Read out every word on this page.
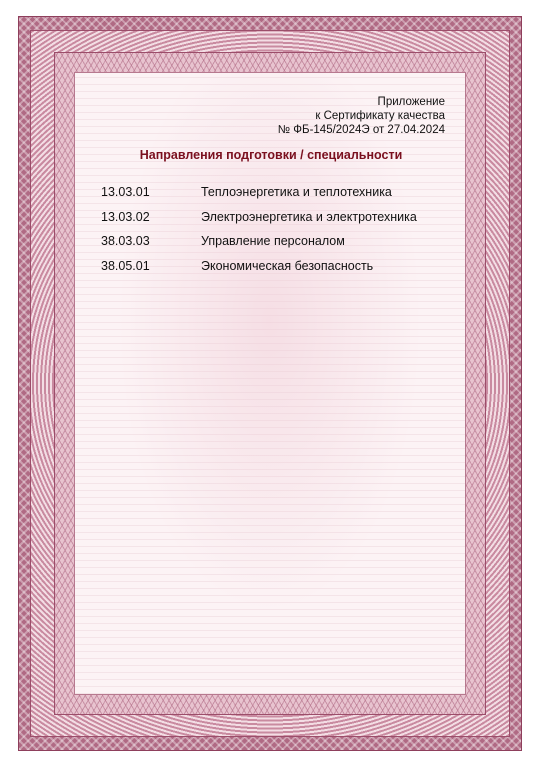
Приложение
к Сертификату качества
№ ФБ-145/2024Э от 27.04.2024
Направления подготовки / специальности
13.03.01	Теплоэнергетика и теплотехника
13.03.02	Электроэнергетика и электротехника
38.03.03	Управление персоналом
38.05.01	Экономическая безопасность
